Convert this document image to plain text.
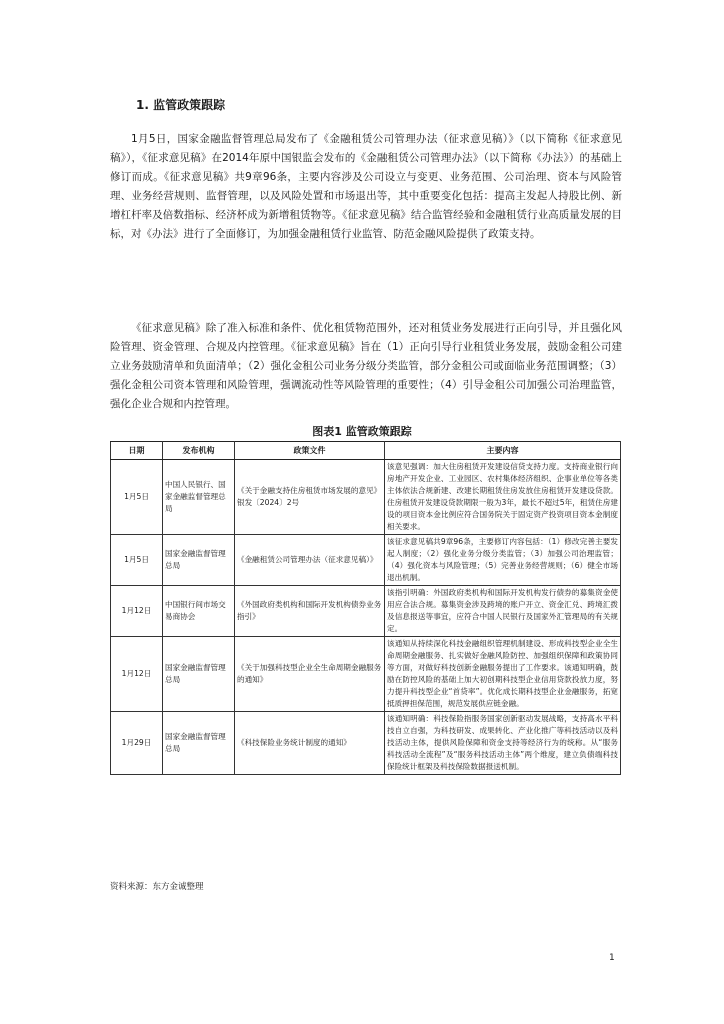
1. 监管政策跟踪

1月5日，国家金融监督管理总局发布了《金融租赁公司管理办法（征求意见稿）》（以下简称《征求意见稿》），《征求意见稿》在2014年原中国银监会发布的《金融租赁公司管理办法》（以下简称《办法》）的基础上修订而成。《征求意见稿》共9章96条，主要内容涉及公司设立与变更、业务范围、公司治理、资本与风险管理、业务经营规则、监督管理，以及风险处置和市场退出等，其中重要变化包括：提高主发起人持股比例、新增杠杆率及倍数指标、经济杯成为新增租赁物等。《征求意见稿》结合监管经验和金融租赁行业高质量发展的目标，对《办法》进行了全面修订，为加强金融租赁行业监管、防范金融风险提供了政策支持。

《征求意见稿》除了准入标准和条件、优化租赁物范围外，还对租赁业务发展进行正向引导，并且强化风险管理、资金管理、合规及内控管理。《征求意见稿》旨在（1）正向引导行业租赁业务发展，鼓励金租公司建立业务鼓励清单和负面清单；（2）强化金租公司业务分级分类监管，部分金租公司或面临业务范围调整；（3）强化金租公司资本管理和风险管理，强调流动性等风险管理的重要性；（4）引导金租公司加强公司治理监管，强化企业合规和内控管理。

图表1 监管政策跟踪
日期	发布机构	政策文件	主要内容
1月5日	中国人民银行、国家金融监督管理总局	《关于金融支持住房租赁市场发展的意见》银发〔2024〕2号	该意见强调：加大住房租赁开发建设信贷支持力度。支持商业银行向房地产开发企业、工业园区、农村集体经济组织、企事业单位等各类主体依法合规新建、改建长期租赁住房发放住房租赁开发建设贷款。住房租赁开发建设贷款期限一般为3年，最长不超过5年，租赁住房建设的项目资本金比例应符合国务院关于固定资产投资项目资本金制度相关要求。
1月5日	国家金融监督管理总局	《金融租赁公司管理办法（征求意见稿）》	该征求意见稿共9章96条，主要修订内容包括：（1）修改完善主要发起人制度；（2）强化业务分级分类监管；（3）加强公司治理监管；（4）强化资本与风险管理；（5）完善业务经营规则；（6）健全市场退出机制。
1月12日	中国银行间市场交易商协会	《外国政府类机构和国际开发机构债券业务指引》	该指引明确：外国政府类机构和国际开发机构发行债券的募集资金使用应合法合规。募集资金涉及跨境的账户开立、资金汇兑、跨境汇拨及信息报送等事宜，应符合中国人民银行及国家外汇管理局的有关规定。
1月12日	国家金融监督管理总局	《关于加强科技型企业全生命周期金融服务的通知》	该通知从持续深化科技金融组织管理机制建设、形成科技型企业全生命周期金融服务、扎实做好金融风险防控、加强组织保障和政策协同等方面，对做好科技创新金融服务提出了工作要求。该通知明确，鼓励在防控风险的基础上加大初创期科技型企业信用贷款投放力度，努力提升科技型企业“首贷率”。优化成长期科技型企业金融服务，拓宽抵质押担保范围，规范发展供应链金融。
1月29日	国家金融监督管理总局	《科技保险业务统计制度的通知》	该通知明确：科技保险指服务国家创新驱动发展战略，支持高水平科技自立自强，为科技研发、成果转化、产业化推广等科技活动以及科技活动主体，提供风险保障和资金支持等经济行为的统称。从“服务科技活动全流程”及“服务科技活动主体”两个维度，建立负债端科技保险统计框架及科技保险数据报送机制。
资料来源：东方金诚整理
1
